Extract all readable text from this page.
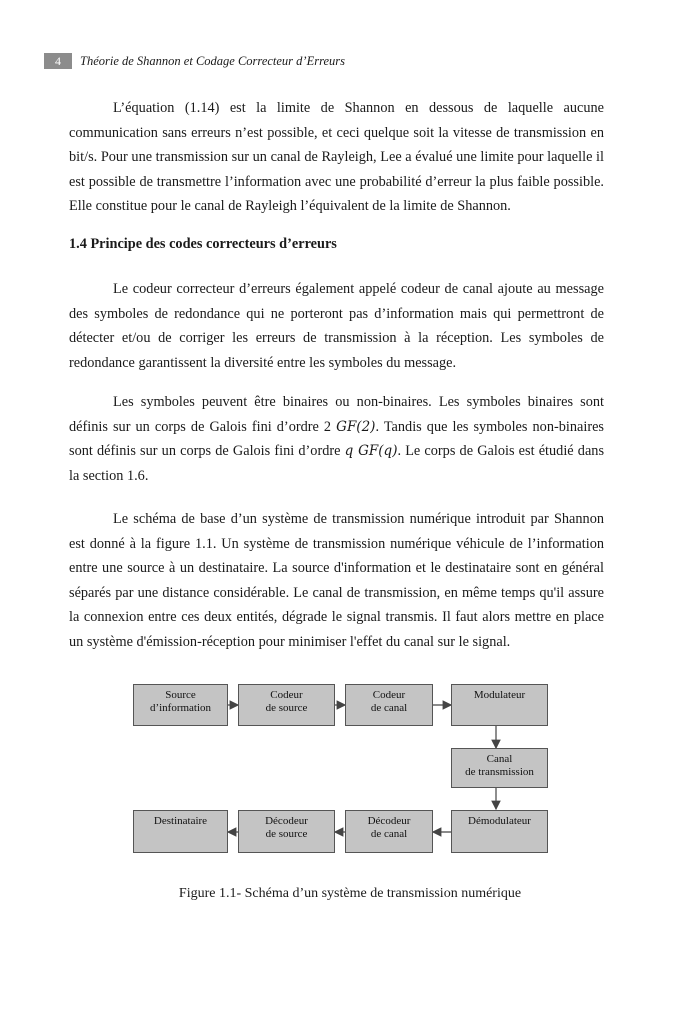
4	Théorie de Shannon et Codage Correcteur d’Erreurs

L’équation (1.14) est la limite de Shannon en dessous de laquelle aucune communication sans erreurs n’est possible, et ceci quelque soit la vitesse de transmission en bit/s. Pour une transmission sur un canal de Rayleigh, Lee a évalué une limite pour laquelle il est possible de transmettre l’information avec une probabilité d’erreur la plus faible possible. Elle constitue pour le canal de Rayleigh l’équivalent de la limite de Shannon.

1.4 Principe des codes correcteurs d’erreurs

Le codeur correcteur d’erreurs également appelé codeur de canal ajoute au message des symboles de redondance qui ne porteront pas d’information mais qui permettront de détecter et/ou de corriger les erreurs de transmission à la réception. Les symboles de redondance garantissent la diversité entre les symboles du message.

Les symboles peuvent être binaires ou non-binaires. Les symboles binaires sont définis sur un corps de Galois fini d’ordre 2 GF(2). Tandis que les symboles non-binaires sont définis sur un corps de Galois fini d’ordre q GF(q). Le corps de Galois est étudié dans la section 1.6.

Le schéma de base d’un système de transmission numérique introduit par Shannon est donné à la figure 1.1. Un système de transmission numérique véhicule de l’information entre une source à un destinataire. La source d'information et le destinataire sont en général séparés par une distance considérable. Le canal de transmission, en même temps qu'il assure la connexion entre ces deux entités, dégrade le signal transmis. Il faut alors mettre en place un système d'émission-réception pour minimiser l'effet du canal sur le signal.

Source
d’information
Codeur
de source
Codeur
de canal
Modulateur
Canal
de transmission
Destinataire	Décodeur
de source
Décodeur
de canal
Démodulateur

Figure 1.1- Schéma d’un système de transmission numérique
